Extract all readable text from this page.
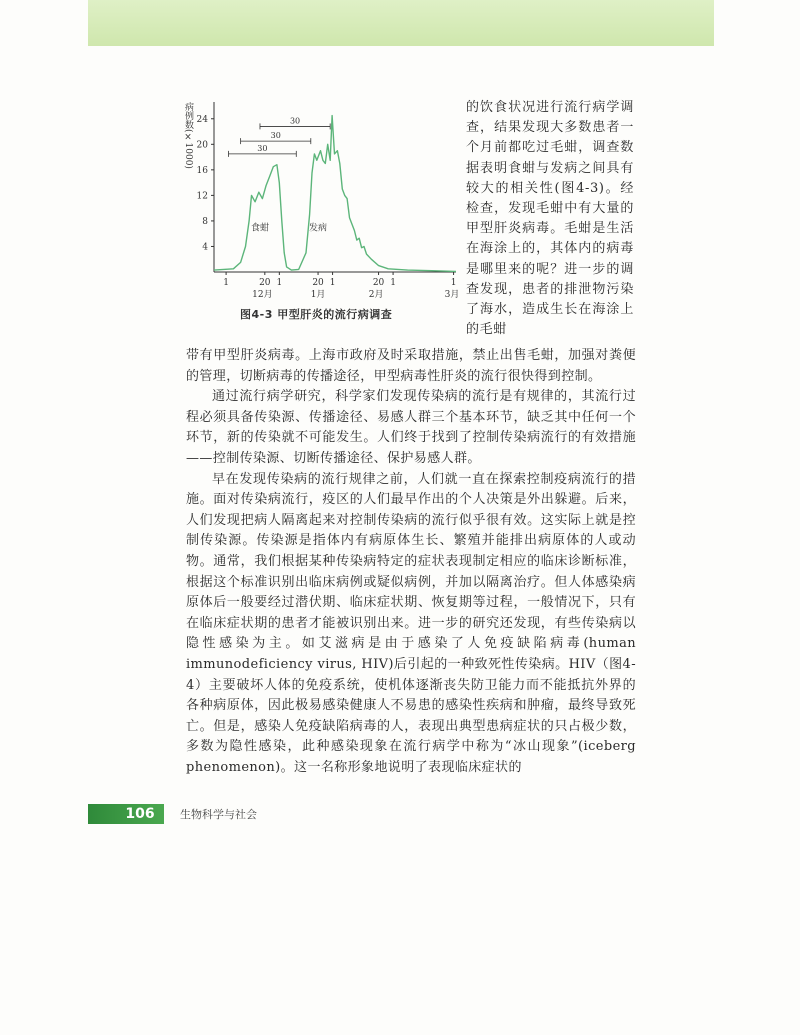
4
8
12
16
20
24
病例数(×1000)
1	20 1	20 1	20 1	1
12月	1月	2月	3月
30
30
30
食蚶	发病
图4-3 甲型肝炎的流行病调查
的饮食状况进行流行病学调查，结果发现大多数患者一个月前都吃过毛蚶，调查数据表明食蚶与发病之间具有较大的相关性(图4-3)。经检查，发现毛蚶中有大量的甲型肝炎病毒。毛蚶是生活在海涂上的，其体内的病毒是哪里来的呢？进一步的调查发现，患者的排泄物污染了海水，造成生长在海涂上的毛蚶

带有甲型肝炎病毒。上海市政府及时采取措施，禁止出售毛蚶，加强对粪便的管理，切断病毒的传播途径，甲型病毒性肝炎的流行很快得到控制。

通过流行病学研究，科学家们发现传染病的流行是有规律的，其流行过程必须具备传染源、传播途径、易感人群三个基本环节，缺乏其中任何一个环节，新的传染就不可能发生。人们终于找到了控制传染病流行的有效措施——控制传染源、切断传播途径、保护易感人群。

早在发现传染病的流行规律之前，人们就一直在探索控制疫病流行的措施。面对传染病流行，疫区的人们最早作出的个人决策是外出躲避。后来，人们发现把病人隔离起来对控制传染病的流行似乎很有效。这实际上就是控制传染源。传染源是指体内有病原体生长、繁殖并能排出病原体的人或动物。通常，我们根据某种传染病特定的症状表现制定相应的临床诊断标准，根据这个标准识别出临床病例或疑似病例，并加以隔离治疗。但人体感染病原体后一般要经过潜伏期、临床症状期、恢复期等过程，一般情况下，只有在临床症状期的患者才能被识别出来。进一步的研究还发现，有些传染病以隐性感染为主。如艾滋病是由于感染了人免疫缺陷病毒(human immunodeficiency virus, HIV)后引起的一种致死性传染病。HIV（图4-4）主要破坏人体的免疫系统，使机体逐渐丧失防卫能力而不能抵抗外界的各种病原体，因此极易感染健康人不易患的感染性疾病和肿瘤，最终导致死亡。但是，感染人免疫缺陷病毒的人，表现出典型患病症状的只占极少数，多数为隐性感染，此种感染现象在流行病学中称为“冰山现象”(iceberg phenomenon)。这一名称形象地说明了表现临床症状的

106	生物科学与社会
